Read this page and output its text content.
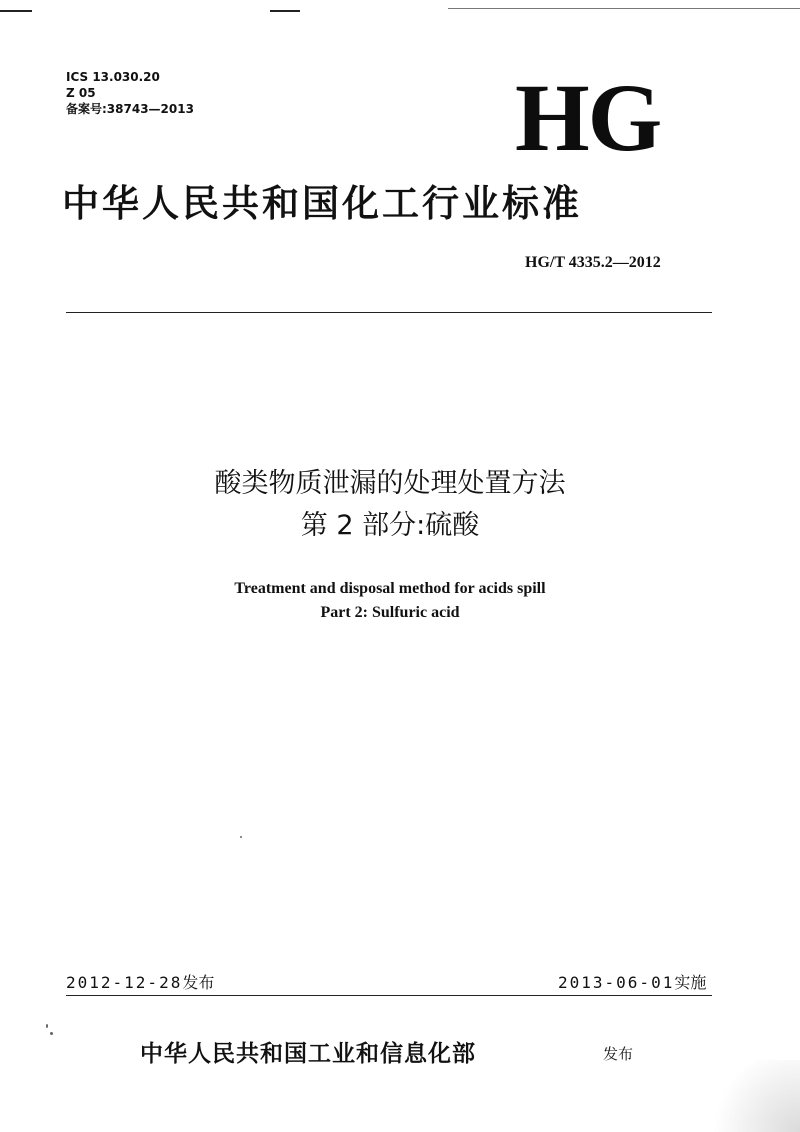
ICS 13.030.20
Z 05
备案号:38743—2013	HG
中华人民共和国化工行业标准
HG/T 4335.2—2012
酸类物质泄漏的处理处置方法
第 2 部分:硫酸
Treatment and disposal method for acids spill
Part 2: Sulfuric acid
2012-12-28发布	2013-06-01实施
中华人民共和国工业和信息化部	发布
